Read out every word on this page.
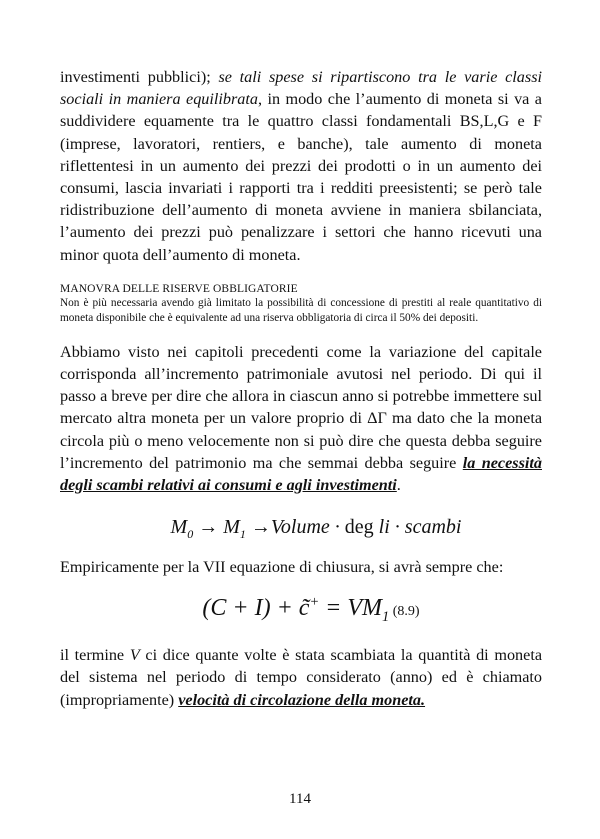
investimenti pubblici); se tali spese si ripartiscono tra le varie classi sociali in maniera equilibrata, in modo che l’aumento di moneta si va a suddividere equamente tra le quattro classi fondamentali BS,L,G e F (imprese, lavoratori, rentiers, e banche), tale aumento di moneta riflettentesi in un aumento dei prezzi dei prodotti o in un aumento dei consumi, lascia invariati i rapporti tra i redditi preesistenti; se però tale ridistribuzione dell’aumento di moneta avviene in maniera sbilanciata, l’aumento dei prezzi può penalizzare i settori che hanno ricevuti una minor quota dell’aumento di moneta.

MANOVRA DELLE RISERVE OBBLIGATORIE

Non è più necessaria avendo già limitato la possibilità di concessione di prestiti al reale quantitativo di moneta disponibile che è equivalente ad una riserva obbligatoria di circa il 50% dei depositi.

Abbiamo visto nei capitoli precedenti come la variazione del capitale corrisponda all’incremento patrimoniale avutosi nel periodo. Di qui il passo a breve per dire che allora in ciascun anno si potrebbe immettere sul mercato altra moneta per un valore proprio di ΔΓ ma dato che la moneta circola più o meno velocemente non si può dire che questa debba seguire l’incremento del patrimonio ma che semmai debba seguire la necessità degli scambi relativi ai consumi e agli investimenti.

$M_0 \to M_1$ →Volume · deg li · scambi

Empiricamente per la VII equazione di chiusura, si avrà sempre che:

(C + I) + c̃+ = $VM_1$ (8.9)

il termine V ci dice quante volte è stata scambiata la quantità di moneta del sistema nel periodo di tempo considerato (anno) ed è chiamato (impropriamente) velocità di circolazione della moneta.

114
